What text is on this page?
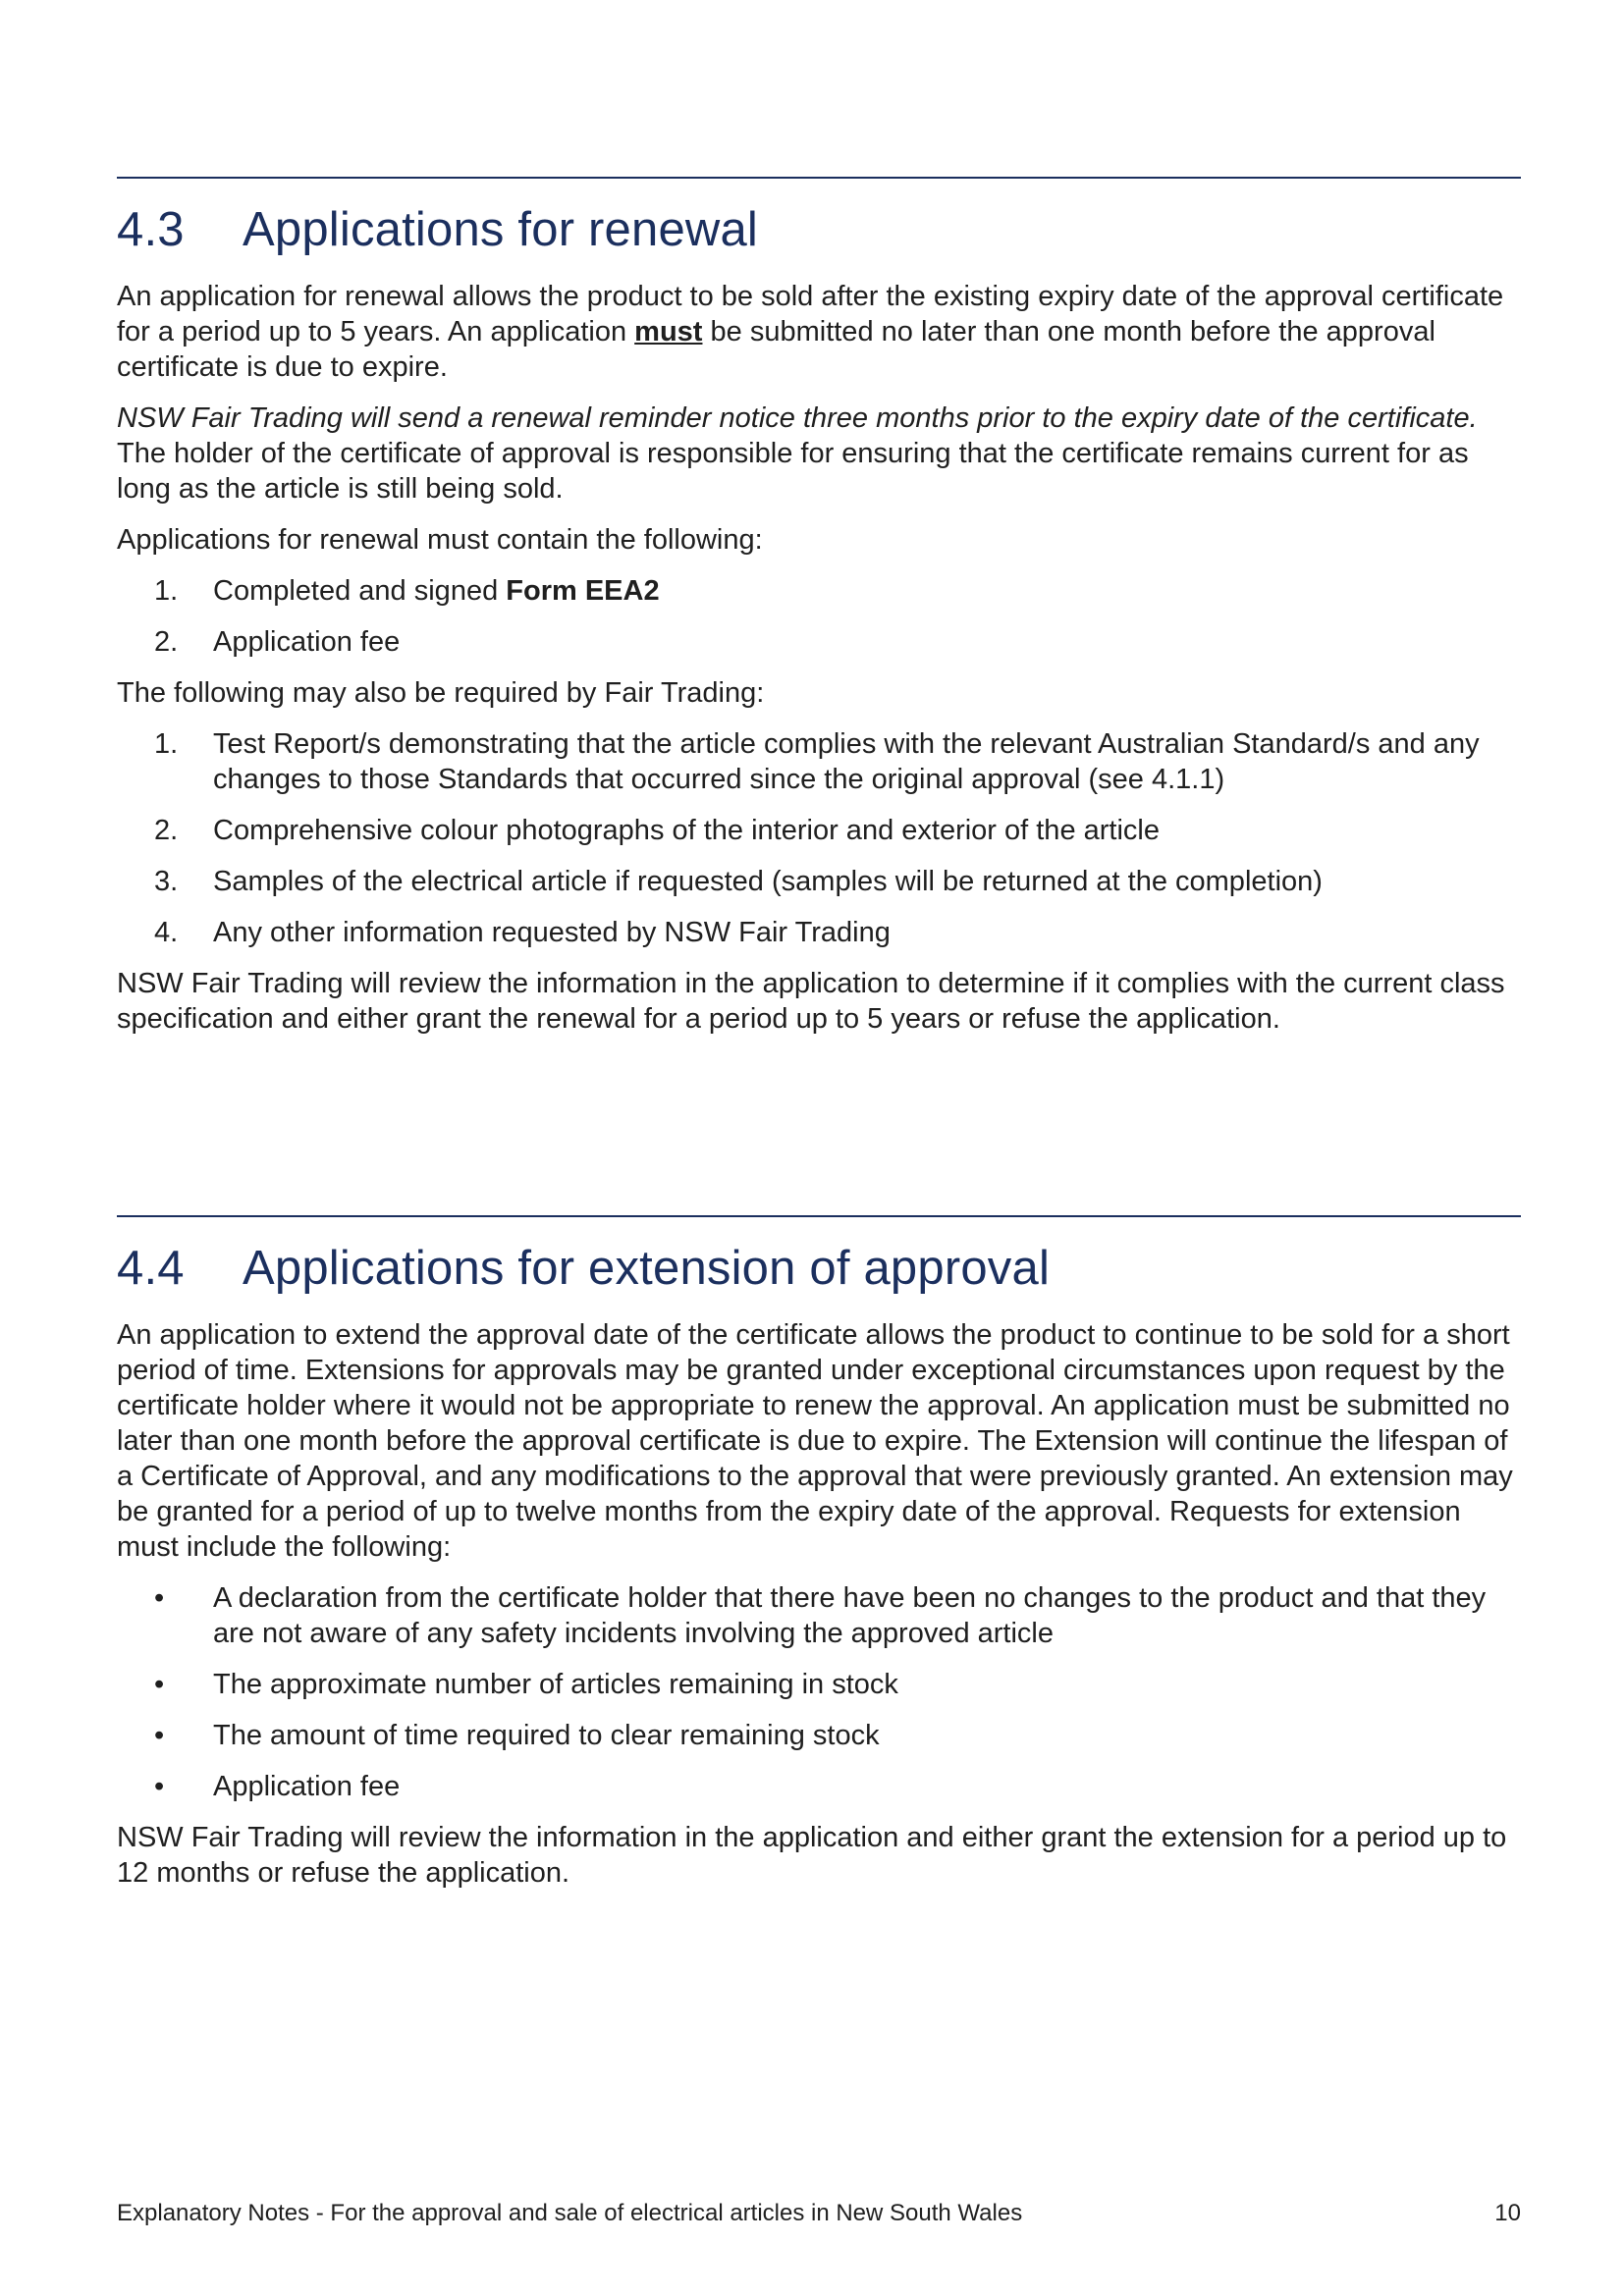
4.3	Applications for renewal

An application for renewal allows the product to be sold after the existing expiry date of the approval certificate for a period up to 5 years. An application must be submitted no later than one month before the approval certificate is due to expire.

NSW Fair Trading will send a renewal reminder notice three months prior to the expiry date of the certificate. The holder of the certificate of approval is responsible for ensuring that the certificate remains current for as long as the article is still being sold.

Applications for renewal must contain the following:

1.	Completed and signed Form EEA2
2.	Application fee

The following may also be required by Fair Trading:

1.	Test Report/s demonstrating that the article complies with the relevant Australian Standard/s and any changes to those Standards that occurred since the original approval (see 4.1.1)
2.	Comprehensive colour photographs of the interior and exterior of the article
3.	Samples of the electrical article if requested (samples will be returned at the completion)
4.	Any other information requested by NSW Fair Trading

NSW Fair Trading will review the information in the application to determine if it complies with the current class specification and either grant the renewal for a period up to 5 years or refuse the application.

4.4	Applications for extension of approval

An application to extend the approval date of the certificate allows the product to continue to be sold for a short period of time. Extensions for approvals may be granted under exceptional circumstances upon request by the certificate holder where it would not be appropriate to renew the approval. An application must be submitted no later than one month before the approval certificate is due to expire. The Extension will continue the lifespan of a Certificate of Approval, and any modifications to the approval that were previously granted. An extension may be granted for a period of up to twelve months from the expiry date of the approval. Requests for extension must include the following:

•	A declaration from the certificate holder that there have been no changes to the product and that they are not aware of any safety incidents involving the approved article
•	The approximate number of articles remaining in stock
•	The amount of time required to clear remaining stock
•	Application fee

NSW Fair Trading will review the information in the application and either grant the extension for a period up to 12 months or refuse the application.

Explanatory Notes - For the approval and sale of electrical articles in New South Wales	10
